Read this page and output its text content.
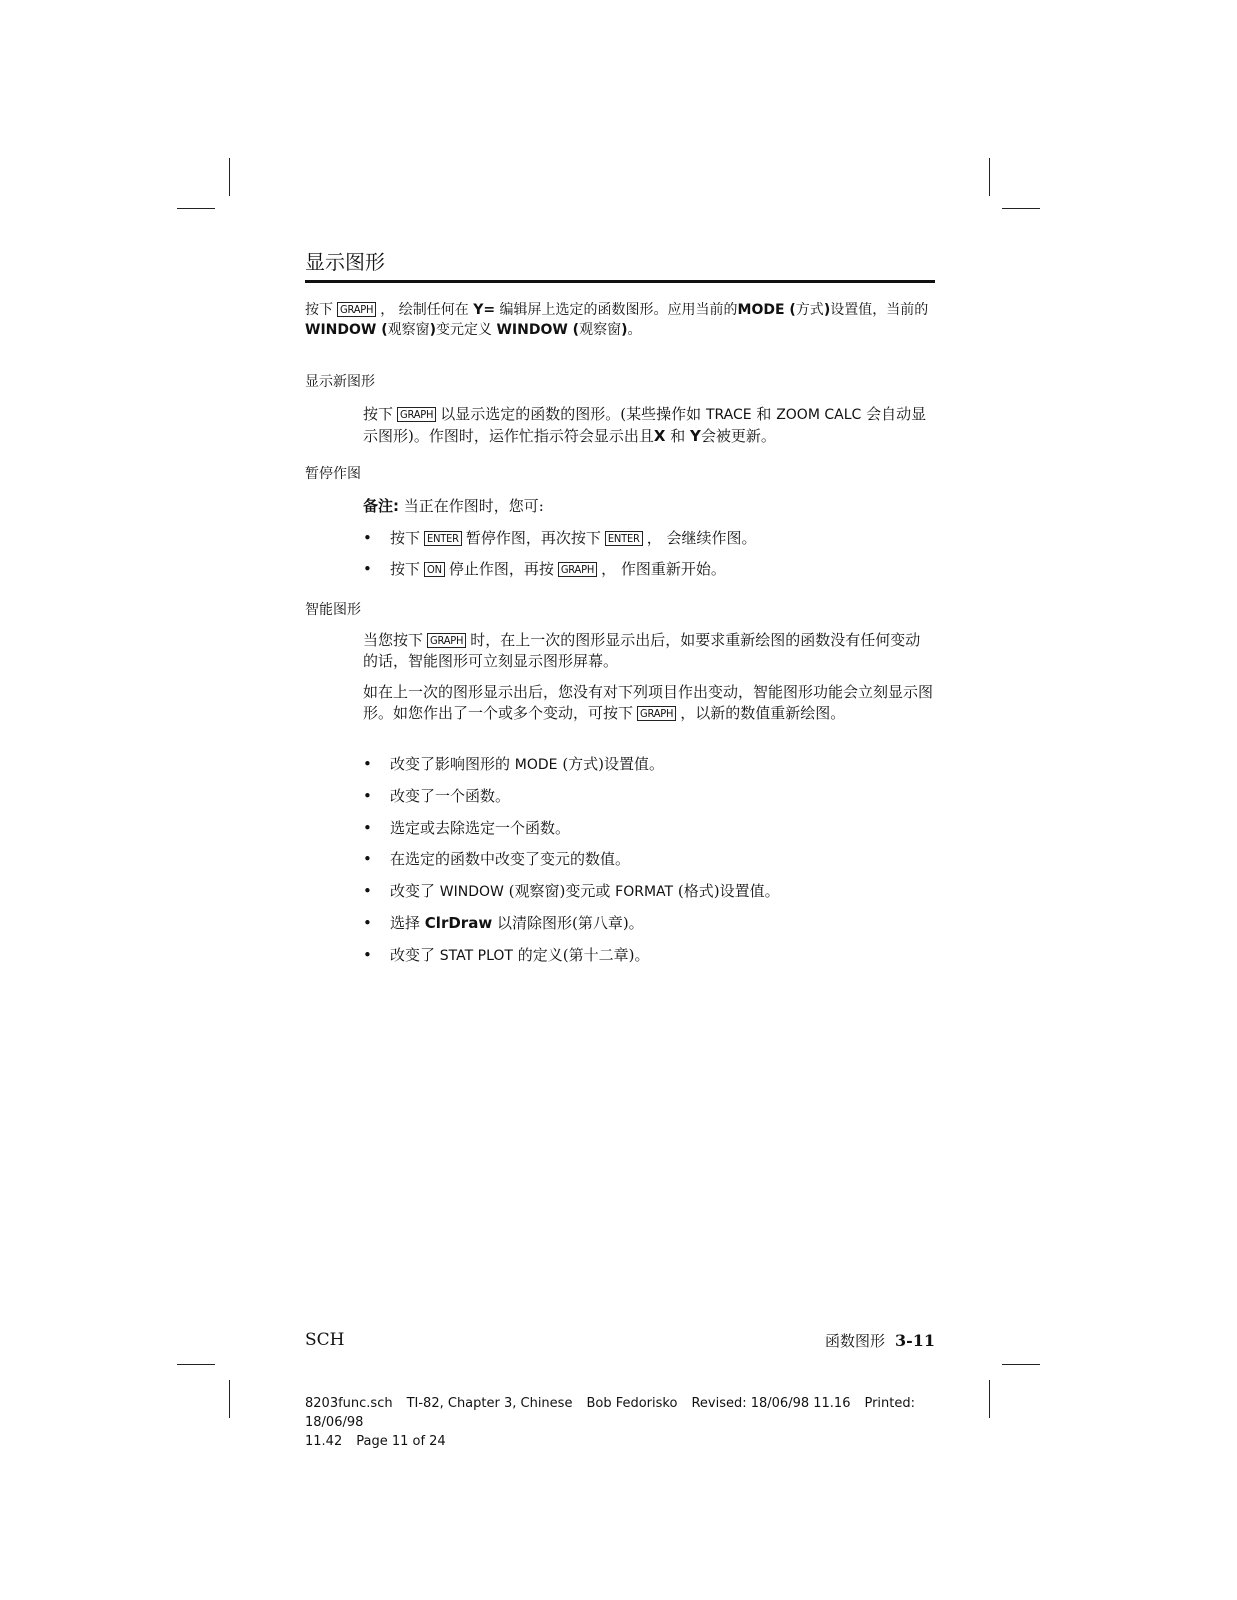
显示图形
按下 GRAPH ， 绘制任何在 Y= 编辑屏上选定的函数图形。应用当前的MODE (方式)设置值，当前的WINDOW (观察窗)变元定义 WINDOW (观察窗)。
显示新图形
按下 GRAPH 以显示选定的函数的图形。(某些操作如 TRACE 和 ZOOM CALC 会自动显示图形)。作图时，运作忙指示符会显示出且X 和 Y会被更新。
暂停作图
备注: 当正在作图时，您可:
• 按下 ENTER 暂停作图，再次按下 ENTER ， 会继续作图。
• 按下 ON 停止作图，再按 GRAPH ， 作图重新开始。
智能图形
当您按下 GRAPH 时，在上一次的图形显示出后，如要求重新绘图的函数没有任何变动的话，智能图形可立刻显示图形屏幕。
如在上一次的图形显示出后，您没有对下列项目作出变动，智能图形功能会立刻显示图形。如您作出了一个或多个变动，可按下 GRAPH ，以新的数值重新绘图。
• 改变了影响图形的 MODE (方式)设置值。
• 改变了一个函数。
• 选定或去除选定一个函数。
• 在选定的函数中改变了变元的数值。
• 改变了 WINDOW (观察窗)变元或 FORMAT (格式)设置值。
• 选择 ClrDraw 以清除图形(第八章)。
• 改变了 STAT PLOT 的定义(第十二章)。
SCH	函数图形 3-11
8203func.sch TI-82, Chapter 3, Chinese Bob Fedorisko Revised: 18/06/98 11.16 Printed: 18/06/98
11.42 Page 11 of 24
